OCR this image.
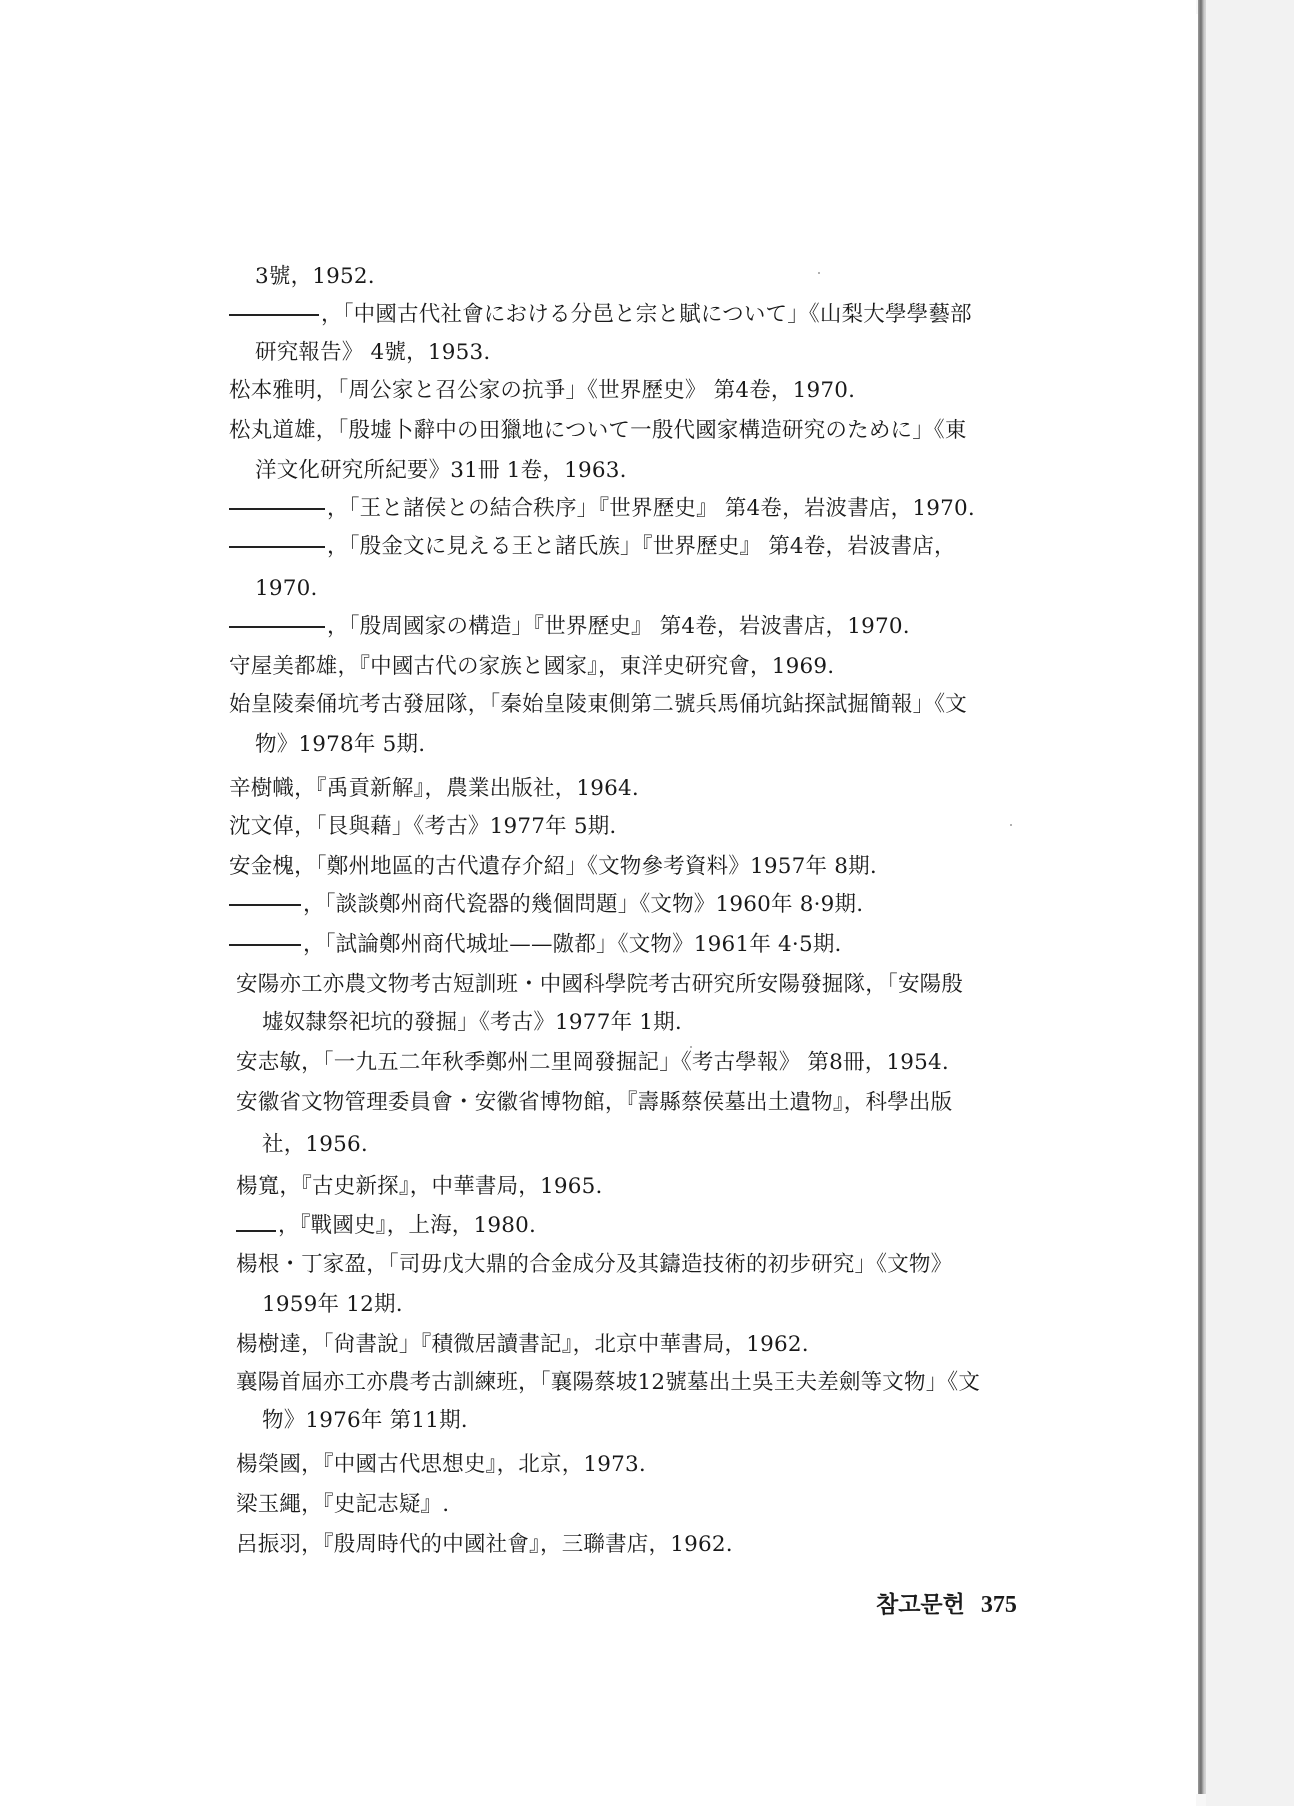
3號，1952.
，「中國古代社會における分邑と宗と賦について」《山梨大學學藝部
研究報告》 4號，1953.
松本雅明，「周公家と召公家の抗爭」《世界歷史》 第4卷，1970.
松丸道雄，「殷墟卜辭中の田獵地について一殷代國家構造研究のために」《東
洋文化研究所紀要》31冊 1卷，1963.
，「王と諸侯との結合秩序」『世界歷史』 第4卷，岩波書店，1970.
，「殷金文に見える王と諸氏族」『世界歷史』 第4卷，岩波書店，
1970.
，「殷周國家の構造」『世界歷史』 第4卷，岩波書店，1970.
守屋美都雄，『中國古代の家族と國家』，東洋史研究會，1969.
始皇陵秦俑坑考古發屈隊，「秦始皇陵東側第二號兵馬俑坑鉆探試掘簡報」《文
物》1978年 5期.
辛樹幟，『禹貢新解』，農業出版社，1964.
沈文倬，「艮與藉」《考古》1977年 5期.
安金槐，「鄭州地區的古代遺存介紹」《文物參考資料》1957年 8期.
，「談談鄭州商代瓷器的幾個問題」《文物》1960年 8·9期.
，「試論鄭州商代城址——隞都」《文物》1961年 4·5期.
安陽亦工亦農文物考古短訓班・中國科學院考古研究所安陽發掘隊，「安陽殷
墟奴隸祭祀坑的發掘」《考古》1977年 1期.
安志敏，「一九五二年秋季鄭州二里岡發掘記」《考古學報》 第8冊，1954.
安徽省文物管理委員會・安徽省博物館，『壽縣蔡侯墓出土遺物』，科學出版
社，1956.
楊寬，『古史新探』，中華書局，1965.
，『戰國史』，上海，1980.
楊根・丁家盈，「司毋戊大鼎的合金成分及其鑄造技術的初步研究」《文物》
1959年 12期.
楊樹達，「尙書說」『積微居讀書記』，北京中華書局，1962.
襄陽首屆亦工亦農考古訓練班，「襄陽蔡坡12號墓出土吳王夫差劍等文物」《文
物》1976年 第11期.
楊榮國，『中國古代思想史』，北京，1973.
梁玉繩，『史記志疑』.
呂振羽，『殷周時代的中國社會』，三聯書店，1962.
참고문헌 375
